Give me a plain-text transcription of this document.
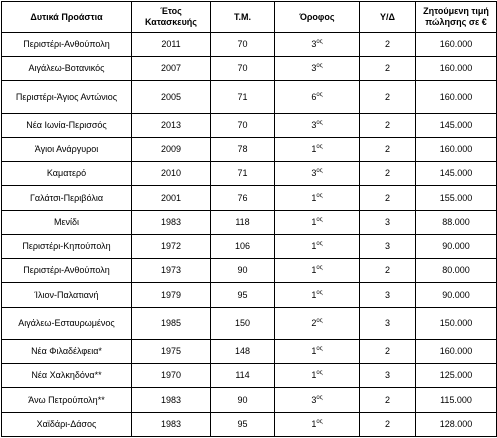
Δυτικά Προάστια	Έτος Κατασκευής	Τ.Μ.	Όροφος	Υ/Δ	Ζητούμενη τιμή πώλησης σε €
Περιστέρι-Ανθούπολη	2011	70	$3^{o\varsigma}$	2	160.000
Αιγάλεω-Βοτανικός	2007	70	$3^{o\varsigma}$	2	160.000
Περιστέρι-Άγιος Αντώνιος	2005	71	$6^{o\varsigma}$	2	160.000
Νέα Ιωνία-Περισσός	2013	70	$3^{o\varsigma}$	2	145.000
Άγιοι Ανάργυροι	2009	78	$1^{o\varsigma}$	2	160.000
Καματερό	2010	71	$3^{o\varsigma}$	2	145.000
Γαλάτσι-Περιβόλια	2001	76	$1^{o\varsigma}$	2	155.000
Μενίδι	1983	118	$1^{o\varsigma}$	3	88.000
Περιστέρι-Κηπούπολη	1972	106	$1^{o\varsigma}$	3	90.000
Περιστέρι-Ανθούπολη	1973	90	$1^{o\varsigma}$	2	80.000
Ίλιον-Παλατιανή	1979	95	$1^{o\varsigma}$	3	90.000
Αιγάλεω-Εσταυρωμένος	1985	150	$2^{o\varsigma}$	3	150.000
Νέα Φιλαδέλφεια*	1975	148	$1^{o\varsigma}$	2	160.000
Νέα Χαλκηδόνα**	1970	114	$1^{o\varsigma}$	3	125.000
Άνω Πετρούπολη**	1983	90	$3^{o\varsigma}$	2	115.000
Χαϊδάρι-Δάσος	1983	95	$1^{o\varsigma}$	2	128.000
